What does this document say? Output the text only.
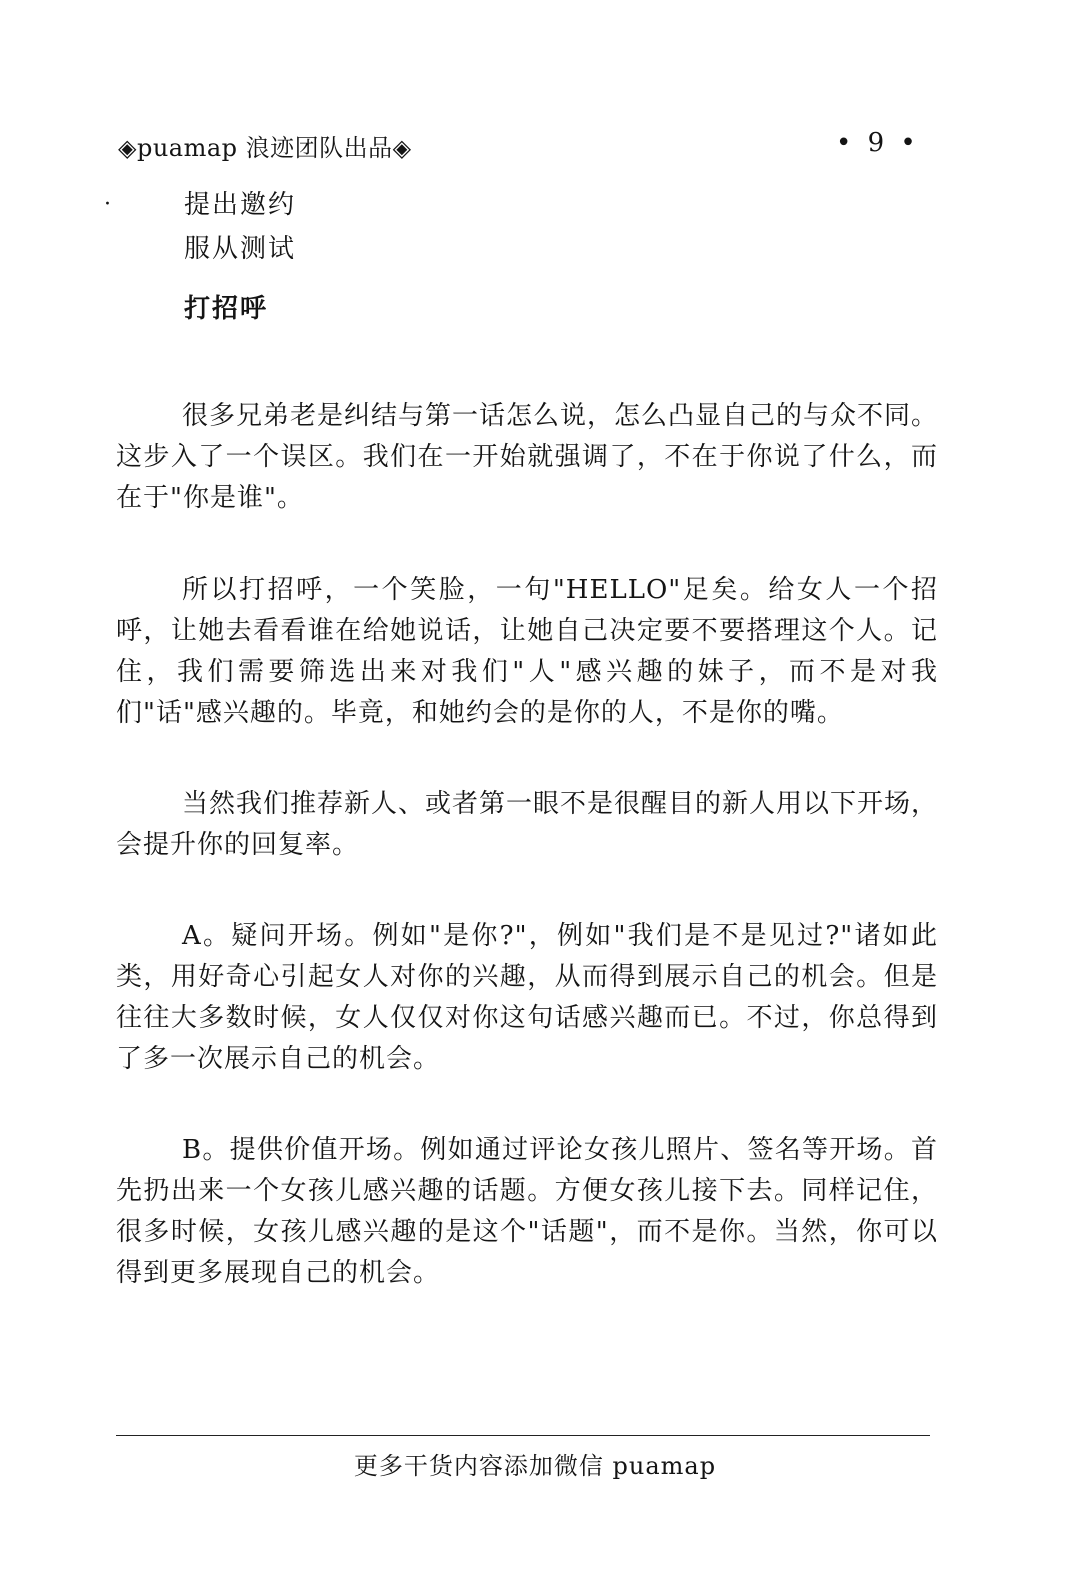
◈puamap 浪迹团队出品◈	• 9 •
·	提出邀约
服从测试
打招呼

很多兄弟老是纠结与第一话怎么说，怎么凸显自己的与众不同。这步入了一个误区。我们在一开始就强调了，不在于你说了什么，而在于"你是谁"。

所以打招呼，一个笑脸，一句"HELLO"足矣。给女人一个招呼，让她去看看谁在给她说话，让她自己决定要不要搭理这个人。记住，我们需要筛选出来对我们"人"感兴趣的妹子，而不是对我们"话"感兴趣的。毕竟，和她约会的是你的人，不是你的嘴。

当然我们推荐新人、或者第一眼不是很醒目的新人用以下开场，会提升你的回复率。

A。疑问开场。例如"是你?"，例如"我们是不是见过?"诸如此类，用好奇心引起女人对你的兴趣，从而得到展示自己的机会。但是往往大多数时候，女人仅仅对你这句话感兴趣而已。不过，你总得到了多一次展示自己的机会。

B。提供价值开场。例如通过评论女孩儿照片、签名等开场。首先扔出来一个女孩儿感兴趣的话题。方便女孩儿接下去。同样记住，很多时候，女孩儿感兴趣的是这个"话题"，而不是你。当然，你可以得到更多展现自己的机会。

更多干货内容添加微信 puamap
